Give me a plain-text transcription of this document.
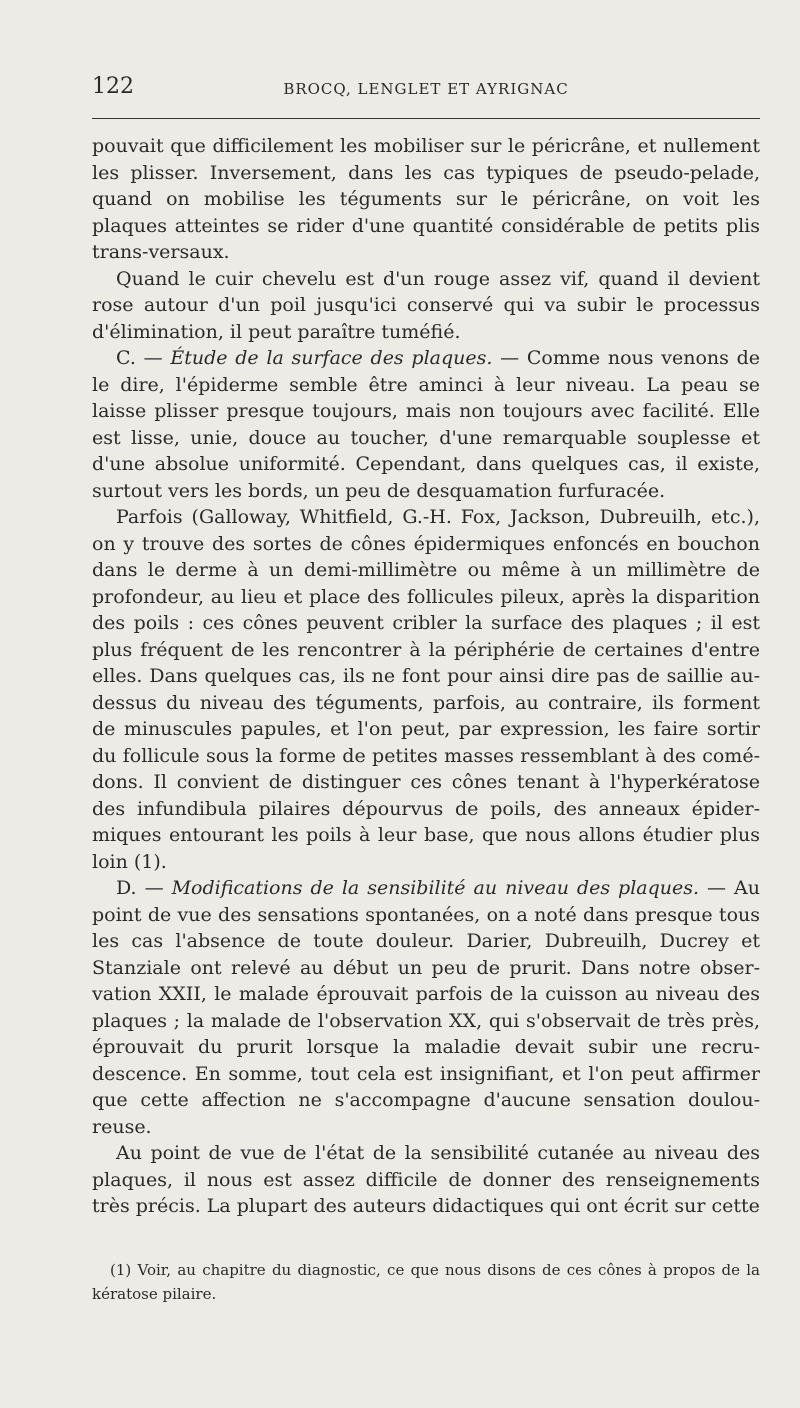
122	BROCQ, LENGLET ET AYRIGNAC

pouvait que difficilement les mobiliser sur le péricrâne, et nullement les plisser. Inversement, dans les cas typiques de pseudo-pelade, quand on mobilise les téguments sur le péricrâne, on voit les plaques atteintes se rider d'une quantité considérable de petits plis trans-versaux.

Quand le cuir chevelu est d'un rouge assez vif, quand il devient rose autour d'un poil jusqu'ici conservé qui va subir le processus d'élimination, il peut paraître tuméfié.

C. — Étude de la surface des plaques. — Comme nous venons de le dire, l'épiderme semble être aminci à leur niveau. La peau se laisse plisser presque toujours, mais non toujours avec facilité. Elle est lisse, unie, douce au toucher, d'une remarquable souplesse et d'une absolue uniformité. Cependant, dans quelques cas, il existe, surtout vers les bords, un peu de desquamation furfuracée.

Parfois (Galloway, Whitfield, G.-H. Fox, Jackson, Dubreuilh, etc.), on y trouve des sortes de cônes épidermiques enfoncés en bouchon dans le derme à un demi-millimètre ou même à un millimètre de profondeur, au lieu et place des follicules pileux, après la disparition des poils : ces cônes peuvent cribler la surface des plaques ; il est plus fréquent de les rencontrer à la périphérie de certaines d'entre elles. Dans quelques cas, ils ne font pour ainsi dire pas de saillie au-dessus du niveau des téguments, parfois, au contraire, ils forment de minuscules papules, et l'on peut, par expression, les faire sortir du follicule sous la forme de petites masses ressemblant à des comé-dons. Il convient de distinguer ces cônes tenant à l'hyperkératose des infundibula pilaires dépourvus de poils, des anneaux épider-miques entourant les poils à leur base, que nous allons étudier plus loin (1).

D. — Modifications de la sensibilité au niveau des plaques. — Au point de vue des sensations spontanées, on a noté dans presque tous les cas l'absence de toute douleur. Darier, Dubreuilh, Ducrey et Stanziale ont relevé au début un peu de prurit. Dans notre obser-vation XXII, le malade éprouvait parfois de la cuisson au niveau des plaques ; la malade de l'observation XX, qui s'observait de très près, éprouvait du prurit lorsque la maladie devait subir une recru-descence. En somme, tout cela est insignifiant, et l'on peut affirmer que cette affection ne s'accompagne d'aucune sensation doulou-reuse.

Au point de vue de l'état de la sensibilité cutanée au niveau des plaques, il nous est assez difficile de donner des renseignements très précis. La plupart des auteurs didactiques qui ont écrit sur cette

(1) Voir, au chapitre du diagnostic, ce que nous disons de ces cônes à propos de la kératose pilaire.
